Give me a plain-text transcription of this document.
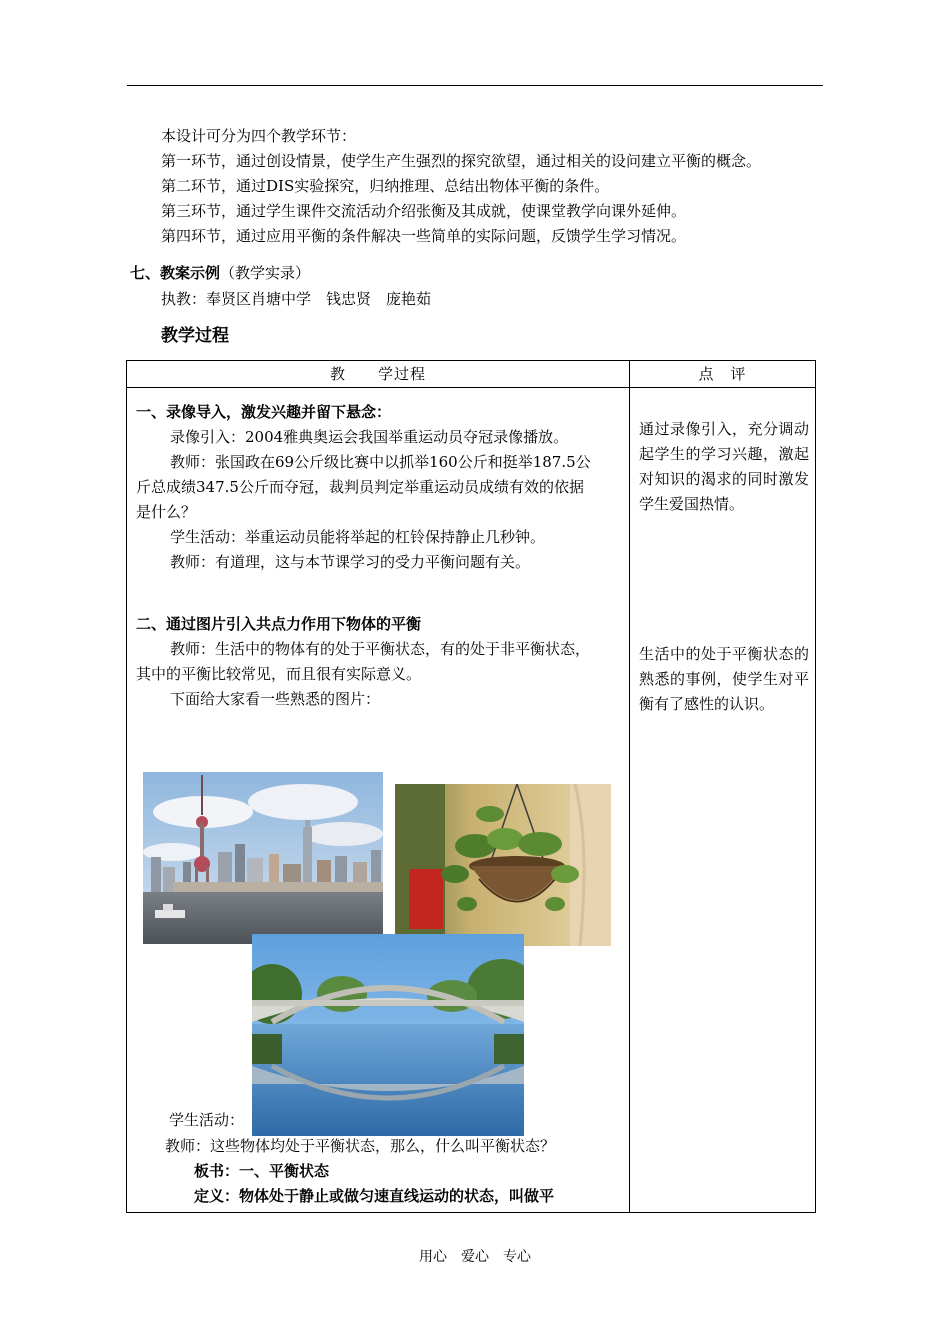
本设计可分为四个教学环节：
第一环节，通过创设情景，使学生产生强烈的探究欲望，通过相关的设问建立平衡的概念。
第二环节，通过DIS实验探究，归纳推理、总结出物体平衡的条件。
第三环节，通过学生课件交流活动介绍张衡及其成就，使课堂教学向课外延伸。
第四环节，通过应用平衡的条件解决一些简单的实际问题，反馈学生学习情况。
七、教案示例（教学实录）
执教：奉贤区肖塘中学　钱忠贤　庞艳茹
教学过程
教　　学过程	点　评
一、录像导入，激发兴趣并留下悬念：
录像引入：2004雅典奥运会我国举重运动员夺冠录像播放。
教师：张国政在69公斤级比赛中以抓举160公斤和挺举187.5公斤总成绩347.5公斤而夺冠，裁判员判定举重运动员成绩有效的依据是什么？
学生活动：举重运动员能将举起的杠铃保持静止几秒钟。
教师：有道理，这与本节课学习的受力平衡问题有关。
二、通过图片引入共点力作用下物体的平衡
教师：生活中的物体有的处于平衡状态，有的处于非平衡状态，其中的平衡比较常见，而且很有实际意义。
下面给大家看一些熟悉的图片：
通过录像引入，充分调动起学生的学习兴趣，激起对知识的渴求的同时激发学生爱国热情。
生活中的处于平衡状态的熟悉的事例，使学生对平衡有了感性的认识。
学生活动：
教师：这些物体均处于平衡状态，那么，什么叫平衡状态？
板书：一、平衡状态
定义：物体处于静止或做匀速直线运动的状态，叫做平
用心　爱心　专心
